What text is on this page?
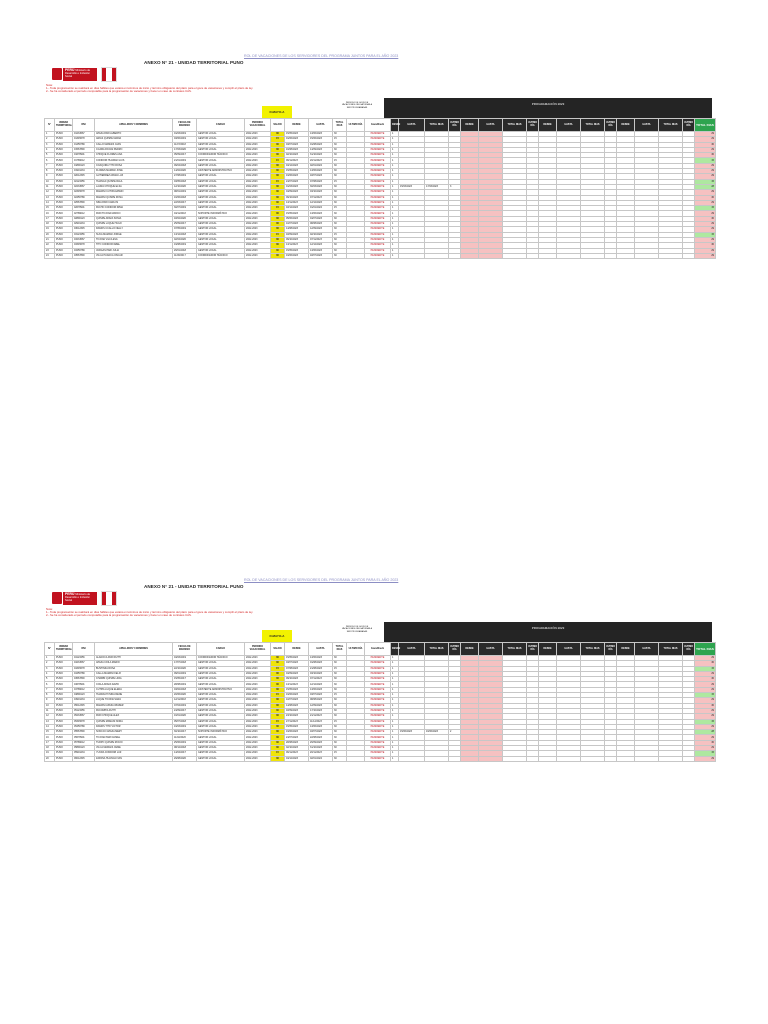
ROL DE VACACIONES DE LOS SERVIDORES DEL PROGRAMA JUNTOS PARA EL AÑO 2023
PERÚMinisterio de Desarrollo e Inclusión Social
ANEXO N° 21 - UNIDAD TERRITORIAL PUNO
Nota:
1.- Toda programación se realizará en días hábiles que estará en términos de inicio y término obligatorio del plazo para el goce de vacaciones y cumplir el plazo de ley.
2.- Se ha considerado el período computable para la programación de vacaciones y hacer en caso de contratos CAS.
D.MAYO-A
PERIODO DE GOCE DE VACACIONES OBLIGATORIAS A SER PROGRAMADAS
PROGRAMACIÓN 2023
N°	UNIDAD TERRITORIAL	DNI	APELLIDOS Y NOMBRES	FECHA DE INGRESO	CARGO	PERIODO VACACIONAL	SALDO	DESDE	HASTA	TOTAL DIAS	ULTIMO DÍA	GozaCheck	DESDE	HASTA	TOTAL DIAS	ULTIMO DÍA	DESDE	HASTA	TOTAL DIAS	ULTIMO DÍA	DESDE	HASTA	TOTAL DIAS	ULTIMO DÍA	DESDE	HASTA	TOTAL DIAS	ULTIMO DÍA	TOTAL DIAS
1	PUNO	01234567	APAZA PARI ALBERTO	01/03/2019	GESTOR LOCAL	2022-2023	30	15/05/2023	13/06/2023	30		PENDIENTE	1																29
2	PUNO	01345678	ARIAS QUISPE MARIA	03/06/2019	GESTOR LOCAL	2022-2023	15	01/06/2023	15/06/2023	15		PENDIENTE	1																29
3	PUNO	01456789	CALLO MAMANI JUAN	11/07/2018	GESTOR LOCAL	2022-2023	30	03/07/2023	01/08/2023	30		PENDIENTE	1																30
4	PUNO	01567890	CCAMA ROJAS PEDRO	17/03/2020	GESTOR LOCAL	2022-2023	30	16/08/2023	14/09/2023	30		PENDIENTE	1																29
5	PUNO	01678901	CHOQUE FLORES ANA	05/09/2017	COORDINADOR TÉCNICO	2022-2023	30	02/10/2023	31/10/2023	30		PENDIENTE	1																30
6	PUNO	01789012	CONDORI HUAMAN LUIS	21/01/2019	GESTOR LOCAL	2022-2023	15	06/11/2023	20/11/2023	15		PENDIENTE	1																15
7	PUNO	01890123	COAQUIRA TITO ROSA	09/04/2018	GESTOR LOCAL	2022-2023	30	04/12/2023	02/01/2024	30		PENDIENTE	1																29
8	PUNO	01901234	FLORES MAMANI JOSE	14/02/2020	ASISTENTE ADMINISTRATIVO	2022-2023	30	15/05/2023	13/06/2023	30		PENDIENTE	1																29
9	PUNO	02012345	GUTIERREZ APAZA LUZ	27/08/2019	GESTOR LOCAL	2022-2023	30	19/06/2023	18/07/2023	30		PENDIENTE	1																29
10	PUNO	02123456	HUANCA QUISPE RAUL	03/05/2018	GESTOR LOCAL	2022-2023	15	24/07/2023	07/08/2023	15		PENDIENTE	1																15
11	PUNO	02234567	LAURA CHOQUE ELSA	12/10/2020	GESTOR LOCAL	2022-2023	30	01/03/2023	30/03/2023	30		PENDIENTE	1	15/03/2023	17/03/2023	3													28
12	PUNO	02345678	MAMANI CUTIPA EDWIN	08/01/2019	GESTOR LOCAL	2022-2023	30	04/09/2023	03/10/2023	30		PENDIENTE	1																29
13	PUNO	02456789	MAMANI QUISPE ROSA	16/06/2018	GESTOR LOCAL	2022-2023	30	09/10/2023	07/11/2023	30		PENDIENTE	1																30
14	PUNO	02567890	NINA PARI CARLOS	22/03/2017	GESTOR LOCAL	2022-2023	30	13/11/2023	12/12/2023	30		PENDIENTE	1																29
15	PUNO	02678901	PACHO CONDORI IRMA	30/07/2019	GESTOR LOCAL	2022-2023	15	18/12/2023	01/01/2024	15		PENDIENTE	1																15
16	PUNO	02789012	PARI TICONA MARCO	04/11/2018	SOPORTE INFORMÁTICO	2022-2023	30	15/05/2023	13/06/2023	30		PENDIENTE	1																29
17	PUNO	02890123	QUISPE APAZA SONIA	18/02/2020	GESTOR LOCAL	2022-2023	30	05/06/2023	04/07/2023	30		PENDIENTE	1																30
18	PUNO	02901234	QUISPE LUQUE HUGO	25/09/2017	GESTOR LOCAL	2022-2023	30	10/07/2023	08/08/2023	30		PENDIENTE	1																29
19	PUNO	03012345	RAMOS CCALLO NELLY	07/05/2019	GESTOR LOCAL	2022-2023	30	14/08/2023	12/09/2023	30		PENDIENTE	1																29
20	PUNO	03123456	SUCA MAMANI JORGE	13/12/2018	GESTOR LOCAL	2022-2023	15	18/09/2023	02/10/2023	15		PENDIENTE	1																15
21	PUNO	03234567	TICONA VILCA EVA	02/04/2020	GESTOR LOCAL	2022-2023	30	09/10/2023	07/11/2023	30		PENDIENTE	1																29
22	PUNO	03345678	TITO CONDORI ABEL	19/08/2019	GESTOR LOCAL	2022-2023	30	13/11/2023	12/12/2023	30		PENDIENTE	1																30
23	PUNO	03456789	VARGAS PARI JULIA	26/01/2018	GESTOR LOCAL	2022-2023	30	15/05/2023	13/06/2023	30		PENDIENTE	1																29
24	PUNO	03567890	VILCA HUANCA OSCAR	11/06/2017	COORDINADOR TÉCNICO	2022-2023	30	19/06/2023	18/07/2023	30		PENDIENTE	1																29
ROL DE VACACIONES DE LOS SERVIDORES DEL PROGRAMA JUNTOS PARA EL AÑO 2023
PERÚMinisterio de Desarrollo e Inclusión Social
ANEXO N° 21 - UNIDAD TERRITORIAL PUNO
Nota:
1.- Toda programación se realizará en días hábiles que estará en términos de inicio y término obligatorio del plazo para el goce de vacaciones y cumplir el plazo de ley.
2.- Se ha considerado el período computable para la programación de vacaciones y hacer en caso de contratos CAS.
D.MAYO-A
PERIODO DE GOCE DE VACACIONES OBLIGATORIAS A SER PROGRAMADAS
PROGRAMACIÓN 2023
N°	UNIDAD TERRITORIAL	DNI	APELLIDOS Y NOMBRES	FECHA DE INGRESO	CARGO	PERIODO VACACIONAL	SALDO	DESDE	HASTA	TOTAL DIAS	ULTIMO DÍA	GozaCheck	DESDE	HASTA	TOTAL DIAS	ULTIMO DÍA	DESDE	HASTA	TOTAL DIAS	ULTIMO DÍA	DESDE	HASTA	TOTAL DIAS	ULTIMO DÍA	DESDE	HASTA	TOTAL DIAS	ULTIMO DÍA	TOTAL DIAS
1	PUNO	04123456	ALANOCA PARI RUTH	04/03/2019	COORDINADOR TÉCNICO	2022-2023	30	15/05/2023	13/06/2023	30		PENDIENTE	1																29
2	PUNO	04234567	APAZA COILA MARIO	17/07/2018	GESTOR LOCAL	2022-2023	30	03/07/2023	01/08/2023	30		PENDIENTE	1																30
3	PUNO	04345678	BUSTINZA ROSA	22/10/2020	GESTOR LOCAL	2022-2023	15	07/08/2023	21/08/2023	15		PENDIENTE	1																15
4	PUNO	04456789	CALLA MAMANI FELIX	09/01/2019	GESTOR LOCAL	2022-2023	30	04/09/2023	03/10/2023	30		PENDIENTE	1																29
5	PUNO	04567890	CHAMBI QUISPE LIDIA	15/05/2017	GESTOR LOCAL	2022-2023	30	09/10/2023	07/11/2023	30		PENDIENTE	1																30
6	PUNO	04678901	COILA APAZA DAVID	28/08/2019	GESTOR LOCAL	2022-2023	30	13/11/2023	12/12/2023	30		PENDIENTE	1																29
7	PUNO	04789012	CUTIPA LUQUE ELENA	03/02/2018	ASISTENTE ADMINISTRATIVO	2022-2023	30	15/05/2023	13/06/2023	30		PENDIENTE	1																29
8	PUNO	04890123	HUARACHI NINA RENE	20/06/2020	GESTOR LOCAL	2022-2023	15	19/06/2023	03/07/2023	15		PENDIENTE	1																15
9	PUNO	04901234	LUQUE TICONA SARA	12/11/2018	GESTOR LOCAL	2022-2023	30	10/07/2023	08/08/2023	30		PENDIENTE	1																29
10	PUNO	05012345	MAMANI APAZA WILBER	07/04/2019	GESTOR LOCAL	2022-2023	30	14/08/2023	12/09/2023	30		PENDIENTE	1																30
11	PUNO	05123456	PACOMPIA RUTH	24/09/2017	GESTOR LOCAL	2022-2023	30	18/09/2023	17/10/2023	30		PENDIENTE	1																29
12	PUNO	05234567	PARI CHOQUE ALEX	16/01/2020	GESTOR LOCAL	2022-2023	30	23/10/2023	21/11/2023	30		PENDIENTE	1																29
13	PUNO	05345678	QUISPE MAMANI NORA	05/07/2018	GESTOR LOCAL	2022-2023	15	27/11/2023	11/12/2023	15		PENDIENTE	1																15
14	PUNO	05456789	RAMOS TITO VICTOR	19/03/2019	GESTOR LOCAL	2022-2023	30	15/05/2023	13/06/2023	30		PENDIENTE	1																29
15	PUNO	05567890	SONCCO APAZA MERY	30/10/2017	SOPORTE INFORMÁTICO	2022-2023	30	19/06/2023	18/07/2023	30		PENDIENTE	1	15/06/2023	16/06/2023	2													28
16	PUNO	05678901	TICONA PARI DANIEL	11/02/2020	GESTOR LOCAL	2022-2023	30	24/07/2023	22/08/2023	30		PENDIENTE	1																29
17	PUNO	05789012	TURPO QUISPE ROCIO	25/06/2019	GESTOR LOCAL	2022-2023	30	28/08/2023	26/09/2023	30		PENDIENTE	1																30
18	PUNO	05890123	VILCA MAMANI JAIME	08/12/2018	GESTOR LOCAL	2022-2023	30	02/10/2023	31/10/2023	30		PENDIENTE	1																29
19	PUNO	05901234	YUCRA CONDORI LUZ	14/04/2017	GESTOR LOCAL	2022-2023	15	06/11/2023	20/11/2023	15		PENDIENTE	1																15
20	PUNO	06012345	ZAPANA HUANCA IVAN	29/08/2020	GESTOR LOCAL	2022-2023	30	04/12/2023	02/01/2024	30		PENDIENTE	1																29
